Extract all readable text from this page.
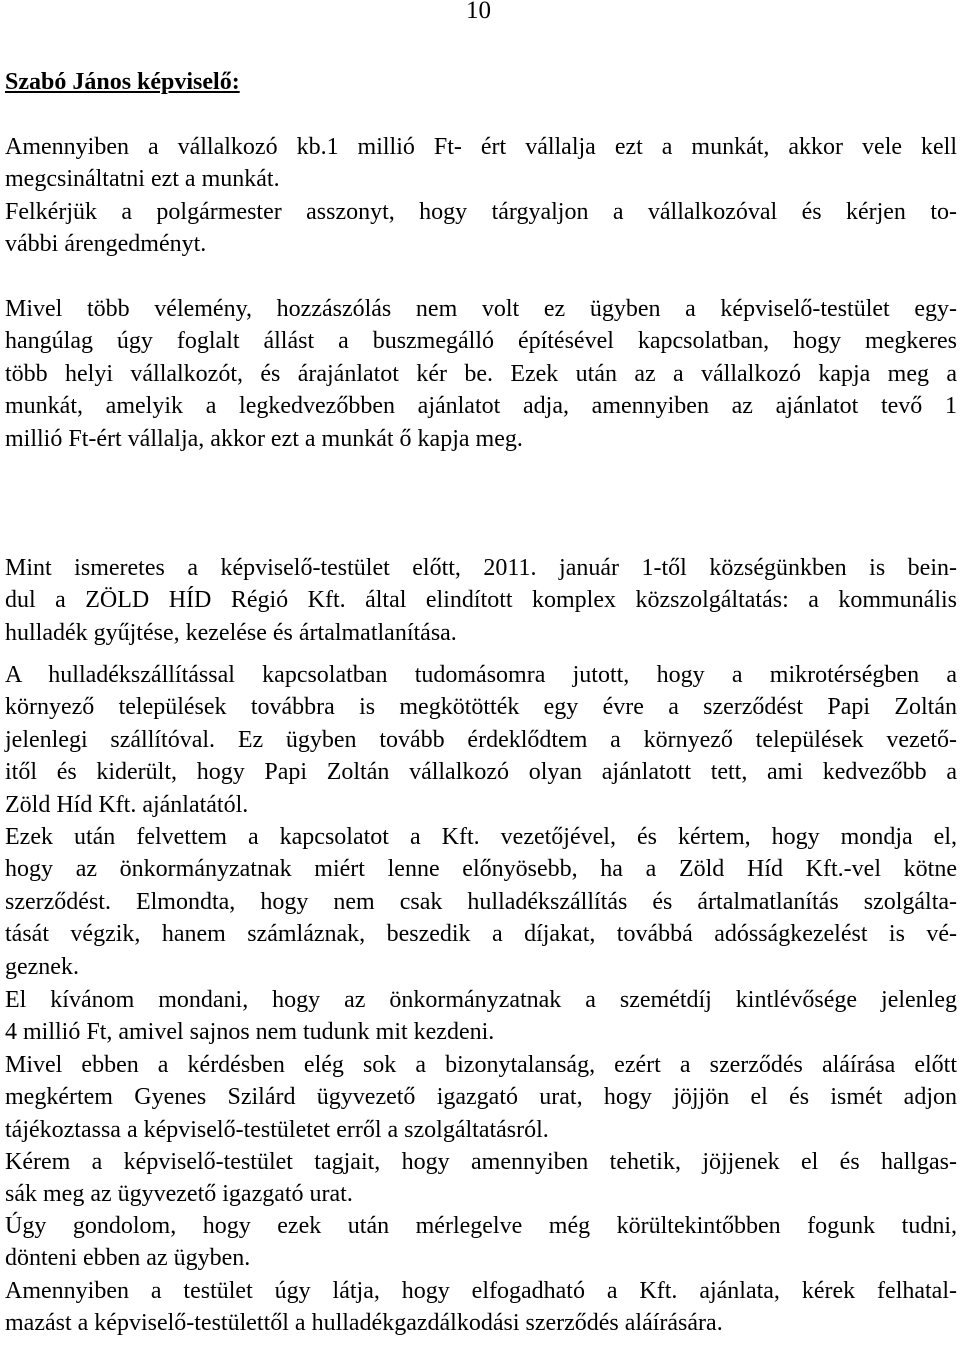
10
Szabó János képviselő:
Amennyiben a vállalkozó kb.1 millió Ft- ért vállalja ezt a munkát, akkor vele kell
megcsináltatni ezt a munkát.
Felkérjük a polgármester asszonyt, hogy tárgyaljon a vállalkozóval és kérjen to-
vábbi árengedményt.
Mivel több vélemény, hozzászólás nem volt ez ügyben a képviselő-testület egy-
hangúlag úgy foglalt állást a buszmegálló építésével kapcsolatban, hogy megkeres
több helyi vállalkozót, és árajánlatot kér be. Ezek után az a vállalkozó kapja meg a
munkát, amelyik a legkedvezőbben ajánlatot adja, amennyiben az ajánlatot tevő 1
millió Ft-ért vállalja, akkor ezt a munkát ő kapja meg.
Mint ismeretes a képviselő-testület előtt, 2011. január 1-től községünkben is bein-
dul a ZÖLD HÍD Régió Kft. által elindított komplex közszolgáltatás: a kommunális
hulladék gyűjtése, kezelése és ártalmatlanítása.
A hulladékszállítással kapcsolatban tudomásomra jutott, hogy a mikrotérségben a
környező települések továbbra is megkötötték egy évre a szerződést Papi Zoltán
jelenlegi szállítóval. Ez ügyben tovább érdeklődtem a környező települések vezető-
itől és kiderült, hogy Papi Zoltán vállalkozó olyan ajánlatott tett, ami kedvezőbb a
Zöld Híd Kft. ajánlatától.
Ezek után felvettem a kapcsolatot a Kft. vezetőjével, és kértem, hogy mondja el,
hogy az önkormányzatnak miért lenne előnyösebb, ha a Zöld Híd Kft.-vel kötne
szerződést. Elmondta, hogy nem csak hulladékszállítás és ártalmatlanítás szolgálta-
tását végzik, hanem számláznak, beszedik a díjakat, továbbá adósságkezelést is vé-
geznek.
El kívánom mondani, hogy az önkormányzatnak a szemétdíj kintlévősége jelenleg
4 millió Ft, amivel sajnos nem tudunk mit kezdeni.
Mivel ebben a kérdésben elég sok a bizonytalanság, ezért a szerződés aláírása előtt
megkértem Gyenes Szilárd ügyvezető igazgató urat, hogy jöjjön el és ismét adjon
tájékoztassa a képviselő-testületet erről a szolgáltatásról.
Kérem a képviselő-testület tagjait, hogy amennyiben tehetik, jöjjenek el és hallgas-
sák meg az ügyvezető igazgató urat.
Úgy gondolom, hogy ezek után mérlegelve még körültekintőbben fogunk tudni,
dönteni ebben az ügyben.
Amennyiben a testület úgy látja, hogy elfogadható a Kft. ajánlata, kérek felhatal-
mazást a képviselő-testülettől a hulladékgazdálkodási szerződés aláírására.
